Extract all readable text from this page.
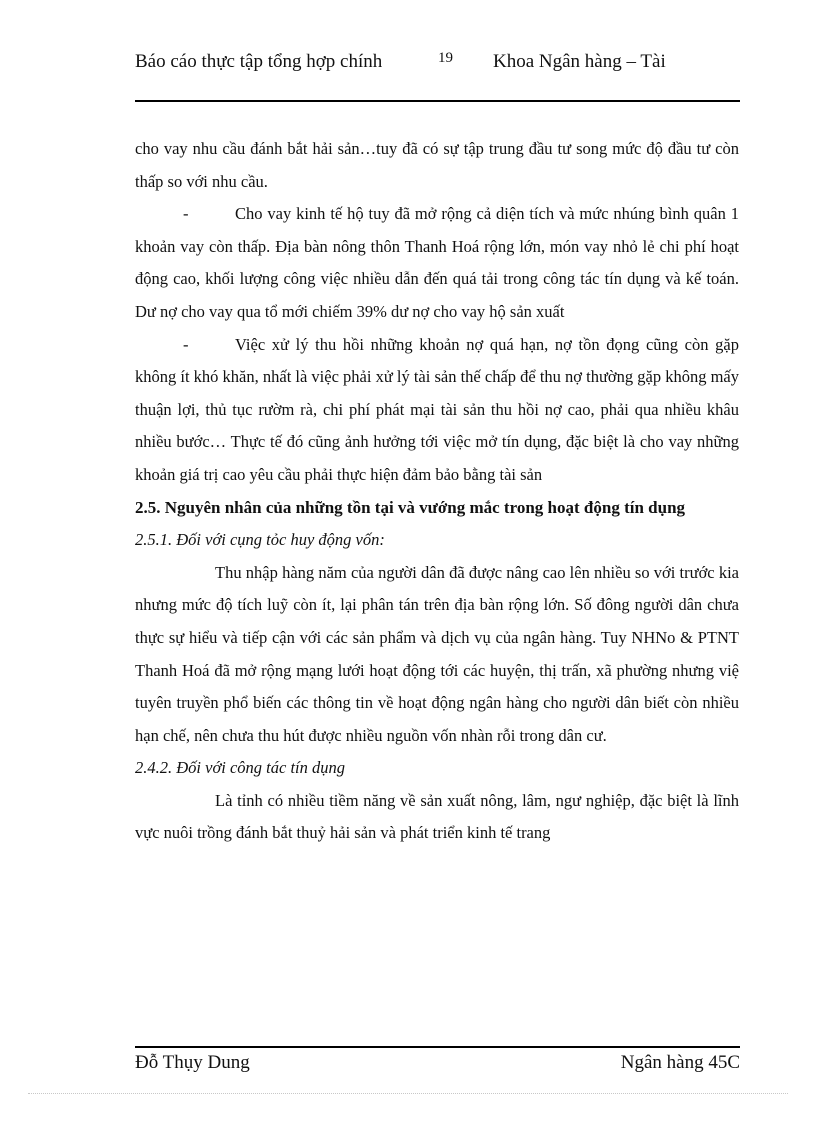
Báo cáo thực tập tổng hợp chính	19 Khoa Ngân hàng – Tài

cho vay nhu cầu đánh bắt hải sản…tuy đã có sự tập trung đầu tư song mức độ đầu tư còn thấp so với nhu cầu.

-	Cho vay kinh tế hộ tuy đã mở rộng cả diện tích và mức nhúng bình quân 1 khoản vay còn thấp. Địa bàn nông thôn Thanh Hoá rộng lớn, món vay nhỏ lẻ chi phí hoạt động cao, khối lượng công việc nhiều dẫn đến quá tải trong công tác tín dụng và kế toán. Dư nợ cho vay qua tổ mới chiếm 39% dư nợ cho vay hộ sản xuất

-	Việc xử lý thu hồi những khoản nợ quá hạn, nợ tồn đọng cũng còn gặp không ít khó khăn, nhất là việc phải xử lý tài sản thế chấp để thu nợ thường gặp không mấy thuận lợi, thủ tục rườm rà, chi phí phát mại tài sản thu hồi nợ cao, phải qua nhiều khâu nhiều bước… Thực tế đó cũng ảnh hưởng tới việc mở tín dụng, đặc biệt là cho vay những khoản giá trị cao yêu cầu phải thực hiện đảm bảo bằng tài sản

2.5. Nguyên nhân của những tồn tại và vướng mắc trong hoạt động tín dụng

2.5.1. Đối với cụng tỏc huy động vốn:

Thu nhập hàng năm của người dân đã được nâng cao lên nhiều so với trước kia nhưng mức độ tích luỹ còn ít, lại phân tán trên địa bàn rộng lớn. Số đông người dân chưa thực sự hiểu và tiếp cận với các sản phẩm và dịch vụ của ngân hàng. Tuy NHNo & PTNT Thanh Hoá đã mở rộng mạng lưới hoạt động tới các huyện, thị trấn, xã phường nhưng việ tuyên truyền phổ biến các thông tin về hoạt động ngân hàng cho người dân biết còn nhiều hạn chế, nên chưa thu hút được nhiều nguồn vốn nhàn rỗi trong dân cư.

2.4.2. Đối với công tác tín dụng

Là tỉnh có nhiều tiềm năng về sản xuất nông, lâm, ngư nghiệp, đặc biệt là lĩnh vực nuôi trồng đánh bắt thuỷ hải sản và phát triển kinh tế trang

Đỗ Thụy Dung	Ngân hàng 45C
